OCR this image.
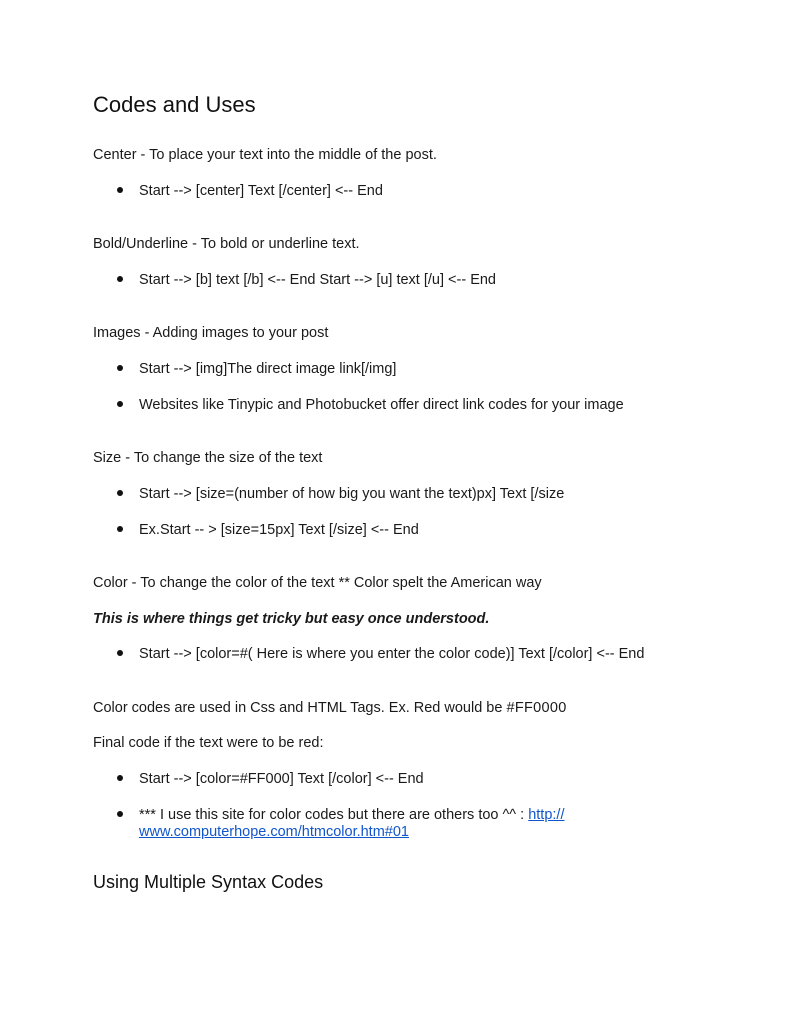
Codes and Uses

Center - To place your text into the middle of the post.

Start --> [center] Text [/center] <-- End

Bold/Underline - To bold or underline text.

Start --> [b] text [/b] <-- End Start --> [u] text [/u] <-- End

Images - Adding images to your post

Start --> [img]The direct image link[/img]

Websites like Tinypic and Photobucket offer direct link codes for your image

Size - To change the size of the text

Start --> [size=(number of how big you want the text)px] Text [/size

Ex.Start -- > [size=15px] Text [/size] <-- End

Color - To change the color of the text ** Color spelt the American way

This is where things get tricky but easy once understood.

Start --> [color=#( Here is where you enter the color code)] Text [/color] <-- End

Color codes are used in Css and HTML Tags. Ex. Red would be #FF0000

Final code if the text were to be red:

Start --> [color=#FF000] Text [/color] <-- End

*** I use this site for color codes but there are others too ^^ : http://

www.computerhope.com/htmcolor.htm#01

Using Multiple Syntax Codes
